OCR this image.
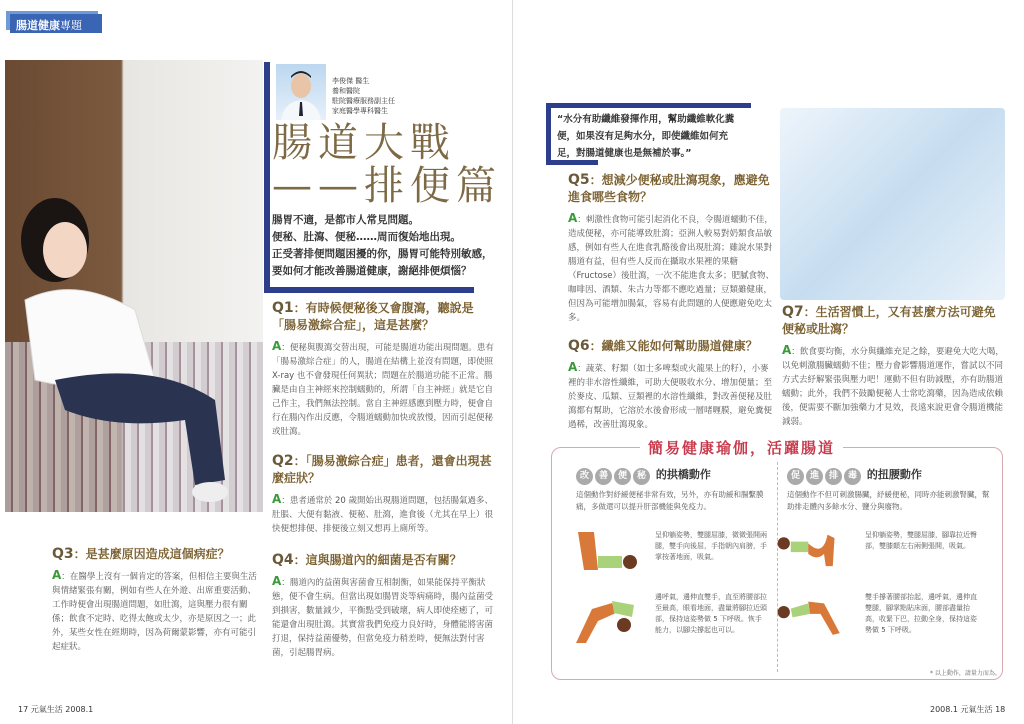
腸道健康專題
李俊傑 醫生
養和醫院
駐院醫療服務副主任
家庭醫學專科醫生
腸道大戰
——排便篇
腸胃不適，是都市人常見問題。
便秘、肚瀉、便秘……周而復始地出現。
正受著排便問題困擾的你，腸胃可能特別敏感，
要如何才能改善腸道健康，謝絕排便煩惱？
Q1：有時候便秘後又會腹瀉，聽說是「腸易激綜合症」，這是甚麼？
A：便秘與腹瀉交替出現，可能是腸道功能出現問題。患有「腸易激綜合症」的人，腸道在結構上並沒有問題，即使照 X-ray 也不會發現任何異狀；問題在於腸道功能不正常。腸臟是由自主神經來控制蠕動的，所謂「自主神經」就是它自己作主，我們無法控制。當自主神經感應到壓力時，便會自行在腸內作出反應，令腸道蠕動加快或放慢，因而引起便秘或肚瀉。
Q2：「腸易激綜合症」患者，還會出現甚麼症狀？
A：患者通常於 20 歲開始出現腸道問題，包括腸氣過多、肚脹、大便有黏液、便秘、肚瀉，進食後（尤其在早上）很快便想排便、排便後立刻又想再上廁所等。
Q3：是甚麼原因造成這個病症？
A：在醫學上沒有一個肯定的答案，但相信主要與生活與情緒緊張有關，例如有些人在外遊、出席重要活動、工作時便會出現腸道問題，如肚瀉，這與壓力很有關係；飲食不定時、吃得太飽或太少，亦是原因之一；此外，某些女性在經期時，因為荷爾蒙影響，亦有可能引起症狀。
Q4：這與腸道內的細菌是否有關？
A：腸道內的益菌與害菌會互相制衡，如果能保持平衡狀態，便不會生病。但當出現如腸胃炎等病痛時，腸內益菌受到損害，數量減少，平衡點受到破壞，病人即使痊癒了，可能還會出現肚瀉。其實當我們免疫力良好時，身體能將害菌打退，保持益菌優勢，但當免疫力稍差時，便無法對付害菌，引起腸胃病。
“水分有助纖維發揮作用，幫助纖維軟化糞便，如果沒有足夠水分，即使纖維如何充足，對腸道健康也是無補於事。”
Q5：想減少便秘或肚瀉現象，應避免進食哪些食物？
A：刺激性食物可能引起消化不良，令腸道蠕動不佳，造成便秘，亦可能導致肚瀉；亞洲人較易對奶類食品敏感，例如有些人在進食乳酪後會出現肚瀉；雖說水果對腸道有益，但有些人反而在攝取水果裡的果糖（Fructose）後肚瀉，一次不能進食太多；肥膩食物、咖啡因、酒類、朱古力等都不應吃過量；豆類雖健康，但因為可能增加腸氣，容易有此問題的人便應避免吃太多。
Q6：纖維又能如何幫助腸道健康？
A：蔬菜、籽類（如士多啤梨或火龍果上的籽），小麥裡的非水溶性纖維，可助大便吸收水分、增加便量；至於麥皮、瓜類、豆類裡的水溶性纖維，對改善便秘及肚瀉都有幫助，它溶於水後會形成一層啫喱膜，避免糞便過稀，改善肚瀉現象。
Q7：生活習慣上，又有甚麼方法可避免便秘或肚瀉？
A：飲食要均衡，水分與纖維充足之餘，要避免大吃大喝，以免刺激腸臟蠕動不佳；壓力會影響腸道運作，嘗試以不同方式去紓解緊張與壓力吧！運動不但有助減壓，亦有助腸道蠕動；此外，我們不鼓勵便秘人士常吃瀉藥，因為造成依賴後，便需要不斷加強藥力才見效，長遠來說更會令腸道機能減弱。
簡易健康瑜伽，活躍腸道
改 善 便 秘 的拱橋動作
這個動作對紓緩便秘非常有效，另外，亦有助緩和腸繫膜痛，多做還可以提升肝部機能與免疫力。
呈仰躺姿勢，雙腿屈膝，微微張開兩腿，雙手向後屈，手指朝內肩膀，手掌按著地面，吸氣。
邊呼氣，邊伸直雙手，直至將腰部拉至最高，眼看地面，盡量將腳拉近頭部，保持這姿勢做 5 下呼吸。恢手能力，以腳尖撐起也可以。
促 進 排 毒 的扭腰動作
這個動作不但可刺激腸臟，紓緩便秘，同時亦能刺激腎臟，幫助排走體內多餘水分、鹽分與廢物。
呈仰躺姿勢，雙腿屈膝，腳靠拉近臀部，雙膝顛左右兩側張開，吸氣。
雙手撐著腰部抬起，邊呼氣，邊伸直雙腿，腳掌點貼床面，腰部盡量抬高，收緊下巴，拉動全身，保持這姿勢做 5 下呼吸。
* 以上動作，請量力而為。
17 元氣生活 2008.1	2008.1 元氣生活 18
